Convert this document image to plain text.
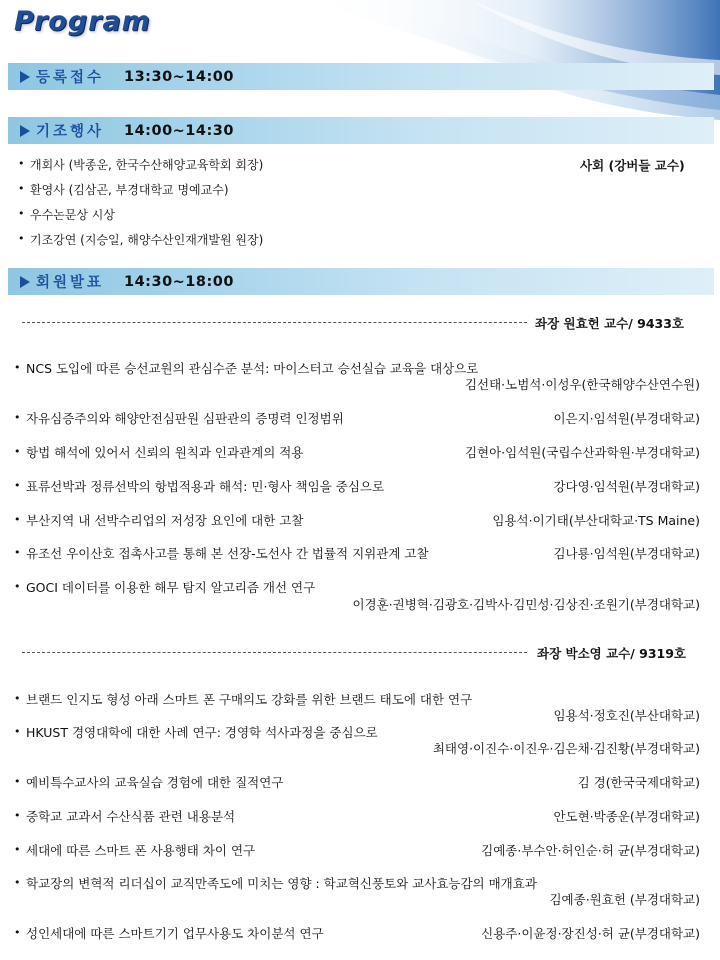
Program
등록접수	13:30~14:00
기조행사	14:00~14:30
• 개회사 (박종운, 한국수산해양교육학회 회장)
• 환영사 (김삼곤, 부경대학교 명예교수)
• 우수논문상 시상
• 기조강연 (지승일, 해양수산인재개발원 원장)
사회 (강버들 교수)
회원발표	14:30~18:00
좌장 원효헌 교수/ 9433호
• NCS 도입에 따른 승선교원의 관심수준 분석: 마이스터고 승선실습 교육을 대상으로
김선태·노범석·이성우(한국해양수산연수원)
• 자유심증주의와 해양안전심판원 심판관의 증명력 인정범위	이은지·임석원(부경대학교)
• 항법 해석에 있어서 신뢰의 원칙과 인과관계의 적용	김현아·임석원(국립수산과학원·부경대학교)
• 표류선박과 정류선박의 항법적용과 해석: 민·형사 책임을 중심으로	강다영·임석원(부경대학교)
• 부산지역 내 선박수리업의 저성장 요인에 대한 고찰	임용석·이기태(부산대학교·TS Maine)
• 유조선 우이산호 접촉사고를 통해 본 선장-도선사 간 법률적 지위관계 고찰	김나룡·임석원(부경대학교)
• GOCI 데이터를 이용한 해무 탐지 알고리즘 개선 연구
이경훈·권병혁·김광호·김박사·김민성·김상진·조원기(부경대학교)
좌장 박소영 교수/ 9319호
• 브랜드 인지도 형성 아래 스마트 폰 구매의도 강화를 위한 브랜드 태도에 대한 연구
임용석·정호진(부산대학교)
• HKUST 경영대학에 대한 사례 연구: 경영학 석사과정을 중심으로
최태영·이진수·이진우·김은채·김진황(부경대학교)
• 예비특수교사의 교육실습 경험에 대한 질적연구	김 경(한국국제대학교)
• 중학교 교과서 수산식품 관련 내용분석	안도현·박종운(부경대학교)
• 세대에 따른 스마트 폰 사용행태 차이 연구	김예종·부수안·허인순·허 균(부경대학교)
• 학교장의 변혁적 리더십이 교직만족도에 미치는 영향 : 학교혁신풍토와 교사효능감의 매개효과
김예종·원효헌 (부경대학교)
• 성인세대에 따른 스마트기기 업무사용도 차이분석 연구	신용주·이윤정·장진성·허 균(부경대학교)
